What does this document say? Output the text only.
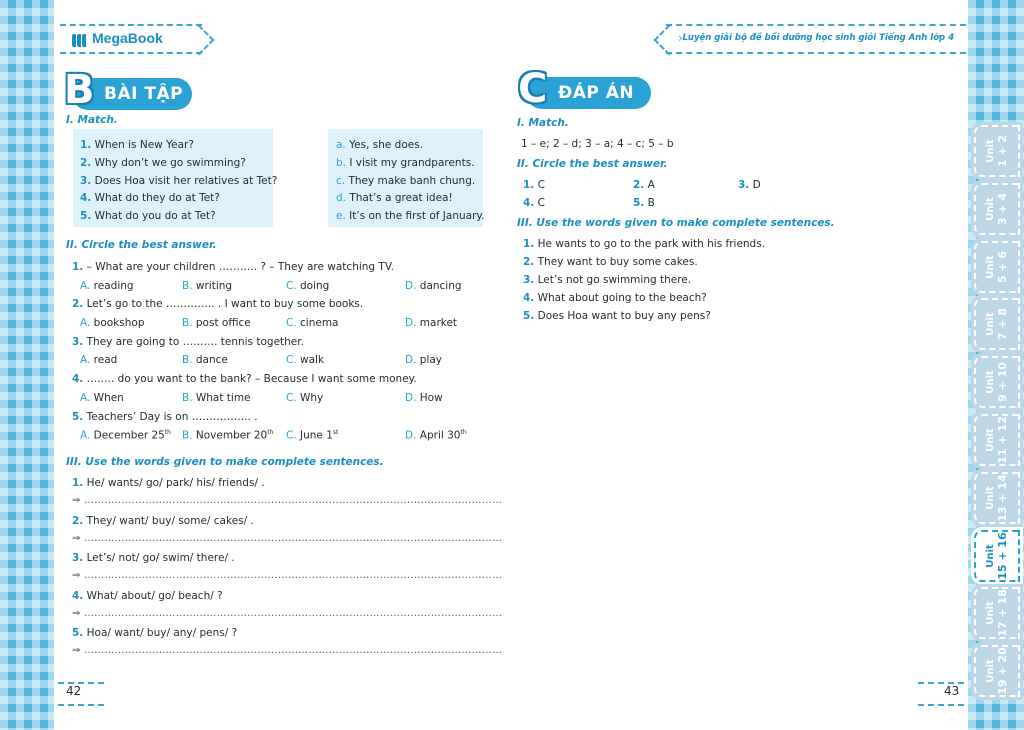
MegaBook	› Luyện giải bộ đề bồi dưỡng học sinh giỏi Tiếng Anh lớp 4
B BÀI TẬP
I. Match.
1. When is New Year?
2. Why don’t we go swimming?
3. Does Hoa visit her relatives at Tet?
4. What do they do at Tet?
5. What do you do at Tet?
a. Yes, she does.
b. I visit my grandparents.
c. They make banh chung.
d. That’s a great idea!
e. It’s on the first of January.
II. Circle the best answer.
1. – What are your children ……….. ? – They are watching TV.
A. reading	B. writing	C. doing	D. dancing
2. Let’s go to the ………….. . I want to buy some books.
A. bookshop	B. post office	C. cinema	D. market
3. They are going to ………. tennis together.
A. read	B. dance	C. walk	D. play
4. …….. do you want to the bank? – Because I want some money.
A. When	B. What time	C. Why	D. How
5. Teachers’ Day is on …………….. .
A. December 25th B. November 20th C. June 1st	D. April 30th
III. Use the words given to make complete sentences.
1. He/ wants/ go/ park/ his/ friends/ .
⇒ ……………………………………………………………………………………………………………
2. They/ want/ buy/ some/ cakes/ .
⇒ ……………………………………………………………………………………………………………
3. Let’s/ not/ go/ swim/ there/ .
⇒ ……………………………………………………………………………………………………………
4. What/ about/ go/ beach/ ?
⇒ ……………………………………………………………………………………………………………
5. Hoa/ want/ buy/ any/ pens/ ?
⇒ ……………………………………………………………………………………………………………
C ĐÁP ÁN
I. Match.
1 – e; 2 – d; 3 – a; 4 – c; 5 – b
II. Circle the best answer.
1. C	2. A	3. D
4. C	5. B
III. Use the words given to make complete sentences.
1. He wants to go to the park with his friends.
2. They want to buy some cakes.
3. Let’s not go swimming there.
4. What about going to the beach?
5. Does Hoa want to buy any pens?
Unit 1 + 2
Unit 3 + 4
Unit 5 + 6
Unit 7 + 8
Unit 9 + 10
Unit 11 + 12
Unit 13 + 14
Unit 15 + 16
Unit 17 + 18
Unit 19 + 20
42	43
